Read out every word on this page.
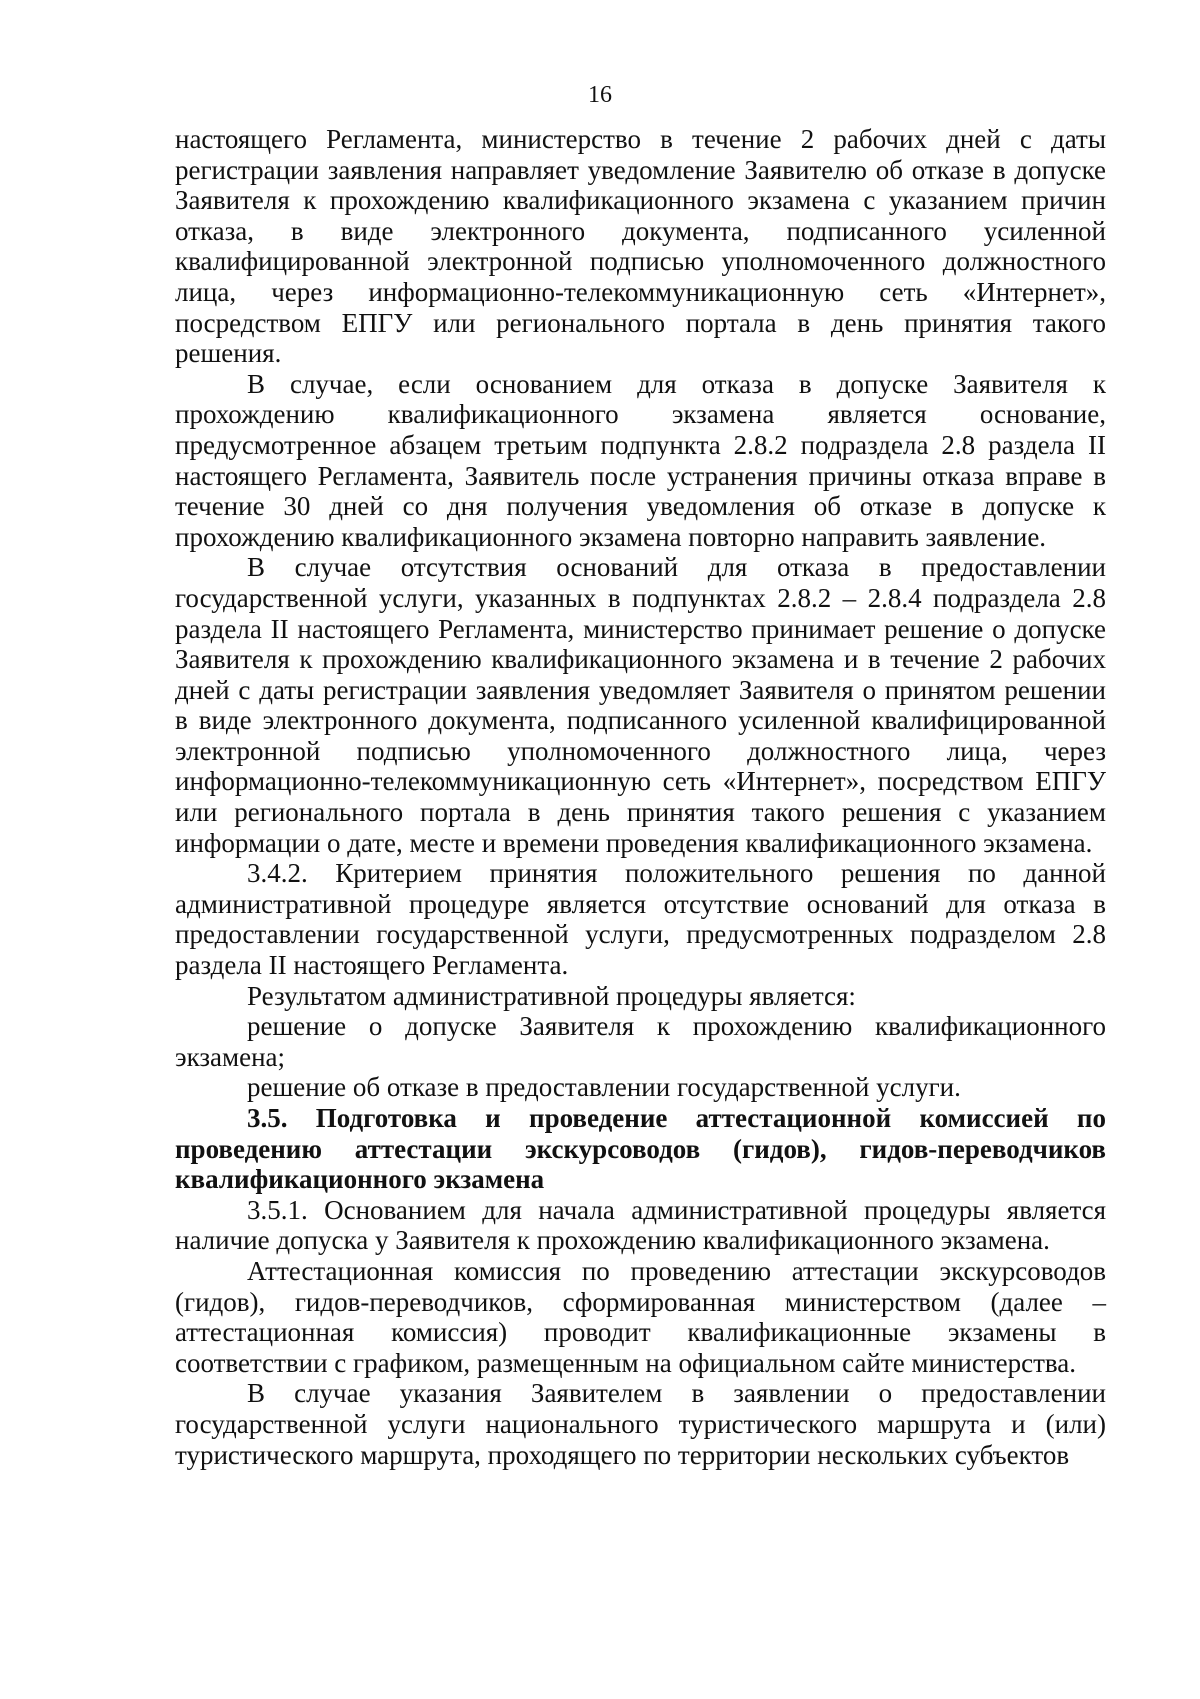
16

настоящего Регламента, министерство в течение 2 рабочих дней с даты регистрации заявления направляет уведомление Заявителю об отказе в допуске Заявителя к прохождению квалификационного экзамена с указанием причин отказа, в виде электронного документа, подписанного усиленной квалифицированной электронной подписью уполномоченного должностного лица, через информационно-телекоммуникационную сеть «Интернет», посредством ЕПГУ или регионального портала в день принятия такого решения.

В случае, если основанием для отказа в допуске Заявителя к прохождению квалификационного экзамена является основание, предусмотренное абзацем третьим подпункта 2.8.2 подраздела 2.8 раздела II настоящего Регламента, Заявитель после устранения причины отказа вправе в течение 30 дней со дня получения уведомления об отказе в допуске к прохождению квалификационного экзамена повторно направить заявление.

В случае отсутствия оснований для отказа в предоставлении государственной услуги, указанных в подпунктах 2.8.2 – 2.8.4 подраздела 2.8 раздела II настоящего Регламента, министерство принимает решение о допуске Заявителя к прохождению квалификационного экзамена и в течение 2 рабочих дней с даты регистрации заявления уведомляет Заявителя о принятом решении в виде электронного документа, подписанного усиленной квалифицированной электронной подписью уполномоченного должностного лица, через информационно-телекоммуникационную сеть «Интернет», посредством ЕПГУ или регионального портала в день принятия такого решения с указанием информации о дате, месте и времени проведения квалификационного экзамена.

3.4.2. Критерием принятия положительного решения по данной административной процедуре является отсутствие оснований для отказа в предоставлении государственной услуги, предусмотренных подразделом 2.8 раздела II настоящего Регламента.

Результатом административной процедуры является:

решение о допуске Заявителя к прохождению квалификационного экзамена;

решение об отказе в предоставлении государственной услуги.

3.5. Подготовка и проведение аттестационной комиссией по проведению аттестации экскурсоводов (гидов), гидов-переводчиков квалификационного экзамена

3.5.1. Основанием для начала административной процедуры является наличие допуска у Заявителя к прохождению квалификационного экзамена.

Аттестационная комиссия по проведению аттестации экскурсоводов (гидов), гидов-переводчиков, сформированная министерством (далее – аттестационная комиссия) проводит квалификационные экзамены в соответствии с графиком, размещенным на официальном сайте министерства.

В случае указания Заявителем в заявлении о предоставлении государственной услуги национального туристического маршрута и (или) туристического маршрута, проходящего по территории нескольких субъектов
